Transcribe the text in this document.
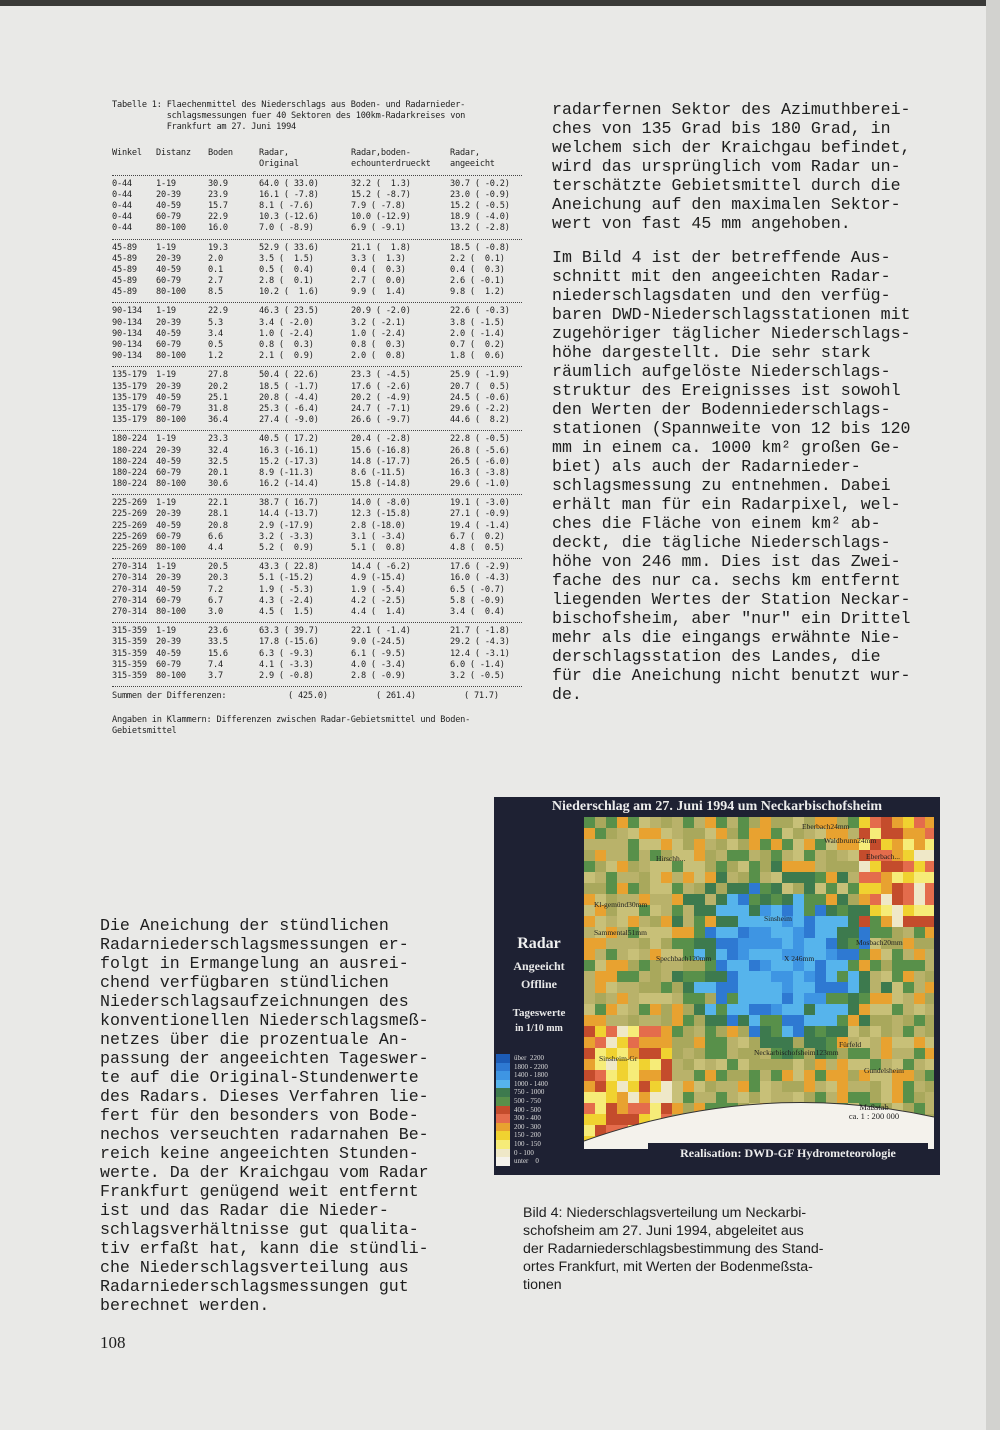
Tabelle 1: Flaechenmittel des Niederschlags aus Boden- und Radarnieder-
schlagsmessungen fuer 40 Sektoren des 100km-Radarkreises von
Frankfurt am 27. Juni 1994
Winkel Distanz Boden	Radar,
Original
Radar,boden-
echounterdrueckt
Radar,
angeeicht
0-44	1-19	30.9	64.0 ( 33.0)	32.2 (  1.3)	30.7 ( -0.2)
0-44	20-39	23.9	16.1 ( -7.8)	15.2 ( -8.7)	23.0 ( -0.9)
0-44	40-59	15.7	8.1 ( -7.6)	7.9 ( -7.8)	15.2 ( -0.5)
0-44	60-79	22.9	10.3 (-12.6)	10.0 (-12.9)	18.9 ( -4.0)
0-44	80-100	16.0	7.0 ( -8.9)	6.9 ( -9.1)	13.2 ( -2.8)
45-89 1-19	19.3	52.9 ( 33.6)	21.1 (  1.8)	18.5 ( -0.8)
45-89 20-39	2.0	3.5 (  1.5)	3.3 (  1.3)	2.2 (  0.1)
45-89 40-59	0.1	0.5 (  0.4)	0.4 (  0.3)	0.4 (  0.3)
45-89 60-79	2.7	2.8 (  0.1)	2.7 (  0.0)	2.6 ( -0.1)
45-89 80-100	8.5	10.2 (  1.6)	9.9 (  1.4)	9.8 (  1.2)
90-134 1-19	22.9	46.3 ( 23.5)	20.9 ( -2.0)	22.6 ( -0.3)
90-134 20-39	5.3	3.4 ( -2.0)	3.2 ( -2.1)	3.8 ( -1.5)
90-134 40-59	3.4	1.0 ( -2.4)	1.0 ( -2.4)	2.0 ( -1.4)
90-134 60-79	0.5	0.8 (  0.3)	0.8 (  0.3)	0.7 (  0.2)
90-134 80-100	1.2	2.1 (  0.9)	2.0 (  0.8)	1.8 (  0.6)
135-179 1-19	27.8	50.4 ( 22.6)	23.3 ( -4.5)	25.9 ( -1.9)
135-179 20-39	20.2	18.5 ( -1.7)	17.6 ( -2.6)	20.7 (  0.5)
135-179 40-59	25.1	20.8 ( -4.4)	20.2 ( -4.9)	24.5 ( -0.6)
135-179 60-79	31.8	25.3 ( -6.4)	24.7 ( -7.1)	29.6 ( -2.2)
135-179 80-100	36.4	27.4 ( -9.0)	26.6 ( -9.7)	44.6 (  8.2)
180-224 1-19	23.3	40.5 ( 17.2)	20.4 ( -2.8)	22.8 ( -0.5)
180-224 20-39	32.4	16.3 (-16.1)	15.6 (-16.8)	26.8 ( -5.6)
180-224 40-59	32.5	15.2 (-17.3)	14.8 (-17.7)	26.5 ( -6.0)
180-224 60-79	20.1	8.9 (-11.3)	8.6 (-11.5)	16.3 ( -3.8)
180-224 80-100	30.6	16.2 (-14.4)	15.8 (-14.8)	29.6 ( -1.0)
225-269 1-19	22.1	38.7 ( 16.7)	14.0 ( -8.0)	19.1 ( -3.0)
225-269 20-39	28.1	14.4 (-13.7)	12.3 (-15.8)	27.1 ( -0.9)
225-269 40-59	20.8	2.9 (-17.9)	2.8 (-18.0)	19.4 ( -1.4)
225-269 60-79	6.6	3.2 ( -3.3)	3.1 ( -3.4)	6.7 (  0.2)
225-269 80-100	4.4	5.2 (  0.9)	5.1 (  0.8)	4.8 (  0.5)
270-314 1-19	20.5	43.3 ( 22.8)	14.4 ( -6.2)	17.6 ( -2.9)
270-314 20-39	20.3	5.1 (-15.2)	4.9 (-15.4)	16.0 ( -4.3)
270-314 40-59	7.2	1.9 ( -5.3)	1.9 ( -5.4)	6.5 ( -0.7)
270-314 60-79	6.7	4.3 ( -2.4)	4.2 ( -2.5)	5.8 ( -0.9)
270-314 80-100	3.0	4.5 (  1.5)	4.4 (  1.4)	3.4 (  0.4)
315-359 1-19	23.6	63.3 ( 39.7)	22.1 ( -1.4)	21.7 ( -1.8)
315-359 20-39	33.5	17.8 (-15.6)	9.0 (-24.5)	29.2 ( -4.3)
315-359 40-59	15.6	6.3 ( -9.3)	6.1 ( -9.5)	12.4 ( -3.1)
315-359 60-79	7.4	4.1 ( -3.3)	4.0 ( -3.4)	6.0 ( -1.4)
315-359 80-100	3.7	2.9 ( -0.8)	2.8 ( -0.9)	3.2 ( -0.5)

Summen der Differenzen:

	( 425.0)

	( 261.4)

	( 71.7)

Angaben in Klammern: Differenzen zwischen Radar-Gebietsmittel und Boden-
Gebietsmittel

radarfernen Sektor des Azimuthberei-
ches von 135 Grad bis 180 Grad, in
welchem sich der Kraichgau befindet,
wird das ursprünglich vom Radar un-
terschätzte Gebietsmittel durch die
Aneichung auf den maximalen Sektor-
wert von fast 45 mm angehoben.

Im Bild 4 ist der betreffende Aus-
schnitt mit den angeeichten Radar-
niederschlagsdaten und den verfüg-
baren DWD-Niederschlagsstationen mit
zugehöriger täglicher Niederschlags-
höhe dargestellt. Die sehr stark
räumlich aufgelöste Niederschlags-
struktur des Ereignisses ist sowohl
den Werten der Bodenniederschlags-
stationen (Spannweite von 12 bis 120
mm in einem ca. 1000 km² großen Ge-
biet) als auch der Radarnieder-
schlagsmessung zu entnehmen. Dabei
erhält man für ein Radarpixel, wel-
ches die Fläche von einem km² ab-
deckt, die tägliche Niederschlags-
höhe von 246 mm. Dies ist das Zwei-
fache des nur ca. sechs km entfernt
liegenden Wertes der Station Neckar-
bischofsheim, aber "nur" ein Drittel
mehr als die eingangs erwähnte Nie-
derschlagsstation des Landes, die
für die Aneichung nicht benutzt wur-
de.

Die Aneichung der stündlichen
Radarniederschlagsmessungen er-
folgt in Ermangelung an ausrei-
chend verfügbaren stündlichen
Niederschlagsaufzeichnungen des
konventionellen Niederschlagsmeß-
netzes über die prozentuale An-
passung der angeeichten Tageswer-
te auf die Original-Stundenwerte
des Radars. Dieses Verfahren lie-
fert für den besonders von Bode-
nechos verseuchten radarnahen Be-
reich keine angeeichten Stunden-
werte. Da der Kraichgau vom Radar
Frankfurt genügend weit entfernt
ist und das Radar die Nieder-
schlagsverhältnisse gut qualita-
tiv erfaßt hat, kann die stündli-
che Niederschlagsverteilung aus
Radarniederschlagsmessungen gut
berechnet werden.

108
Niederschlag am 27. Juni 1994 um Neckarbischofsheim
Eberbach24mm
Waldbrunn24mm
Hirschh...	Eberbach...
Kl-gemünd30mm
Sinsheim
Sammental51mm
Spechbach120mm
Mosbach20mm
X 246mm
Neckarbischofsheim123mm
Fürfeld
Gundelsheim
Sinsheim-Gr
Radar
Angeeicht
Offline
Tageswerte
in 1/10 mm
über  2200
1800 - 2200
1400 - 1800
1000 - 1400
750 - 1000
500 - 750
400 - 500
300 - 400
200 - 300
150 - 200
100 - 150
0 - 100
unter    0
Maßstab
ca. 1 : 200 000
Realisation: DWD-GF Hydrometeorologie

Bild 4: Niederschlagsverteilung um Neckarbi-
schofsheim am 27. Juni 1994, abgeleitet aus
der Radarniederschlagsbestimmung des Stand-
ortes Frankfurt, mit Werten der Bodenmeßsta-
tionen
